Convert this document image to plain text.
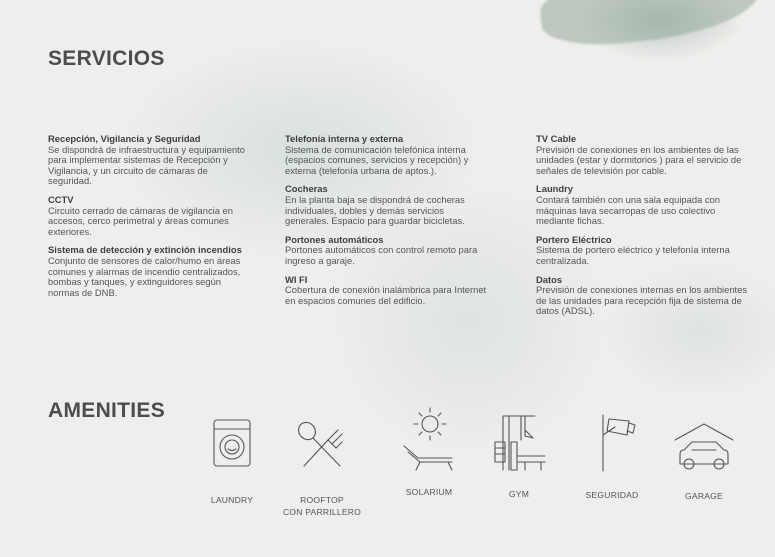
SERVICIOS
Recepción, Vigilancia y Seguridad
Se dispondrá de infraestructura y equipamiento para implementar sistemas de Recepción y Vigilancia, y un circuito de cámaras de seguridad.
CCTV
Circuito cerrado de cámaras de vigilancia en accesos, cerco perimetral y áreas comunes exteriores.
Sistema de detección y extinción incendios
Conjunto de sensores de calor/humo en áreas comunes y alarmas de incendio centralizados, bombas y tanques, y extinguidores según normas de DNB.
Telefonía interna y externa
Sistema de comunicación telefónica interna (espacios comunes, servicios y recepción) y externa (telefonía urbana de aptos.).
Cocheras
En la planta baja se dispondrá de cocheras individuales, dobles y demás servicios generales. Espacio para guardar bicicletas.
Portones automáticos
Portones automáticos con control remoto para ingreso a garaje.
WI FI
Cobertura de conexión inalámbrica para Internet en espacios comunes del edificio.
TV Cable
Previsión de conexiones en los ambientes de las unidades (estar y dormitorios ) para el servicio de señales de televisión por cable.
Laundry
Contará también con una sala equipada con máquinas lava secarropas de uso colectivo mediante fichas.
Portero Eléctrico
Sistema de portero eléctrico y telefonía interna centralizada.
Datos
Previsión de conexiones internas en los ambientes de las unidades para recepción fija de sistema de datos (ADSL).
AMENITIES
LAUNDRY	ROOFTOP
CON PARRILLERO
SOLARIUM	GYM	SEGURIDAD	GARAGE
